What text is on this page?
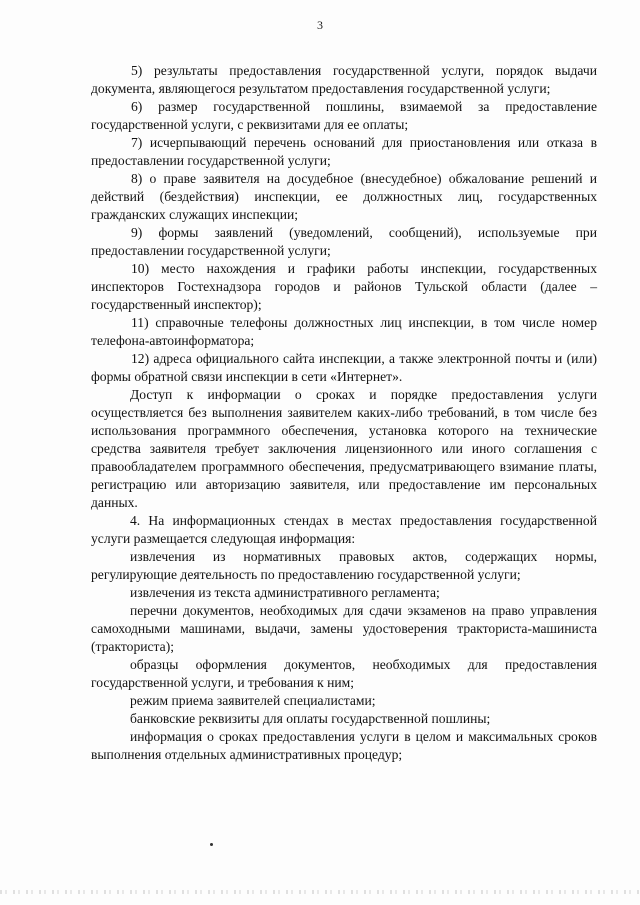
3

5) результаты предоставления государственной услуги, порядок выдачи документа, являющегося результатом предоставления государственной услуги;

6) размер государственной пошлины, взимаемой за предоставление государственной услуги, с реквизитами для ее оплаты;

7) исчерпывающий перечень оснований для приостановления или отказа в предоставлении государственной услуги;

8) о праве заявителя на досудебное (внесудебное) обжалование решений и действий (бездействия) инспекции, ее должностных лиц, государственных гражданских служащих инспекции;

9) формы заявлений (уведомлений, сообщений), используемые при предоставлении государственной услуги;

10) место нахождения и графики работы инспекции, государственных инспекторов Гостехнадзора городов и районов Тульской области (далее – государственный инспектор);

11) справочные телефоны должностных лиц инспекции, в том числе номер телефона-автоинформатора;

12) адреса официального сайта инспекции, а также электронной почты и (или) формы обратной связи инспекции в сети «Интернет».

Доступ к информации о сроках и порядке предоставления услуги осуществляется без выполнения заявителем каких-либо требований, в том числе без использования программного обеспечения, установка которого на технические средства заявителя требует заключения лицензионного или иного соглашения с правообладателем программного обеспечения, предусматривающего взимание платы, регистрацию или авторизацию заявителя, или предоставление им персональных данных.

4. На информационных стендах в местах предоставления государственной услуги размещается следующая информация:

извлечения из нормативных правовых актов, содержащих нормы, регулирующие деятельность по предоставлению государственной услуги;

извлечения из текста административного регламента;

перечни документов, необходимых для сдачи экзаменов на право управления самоходными машинами, выдачи, замены удостоверения тракториста-машиниста (тракториста);

образцы оформления документов, необходимых для предоставления государственной услуги, и требования к ним;

режим приема заявителей специалистами;

банковские реквизиты для оплаты государственной пошлины;

информация о сроках предоставления услуги в целом и максимальных сроков выполнения отдельных административных процедур;
